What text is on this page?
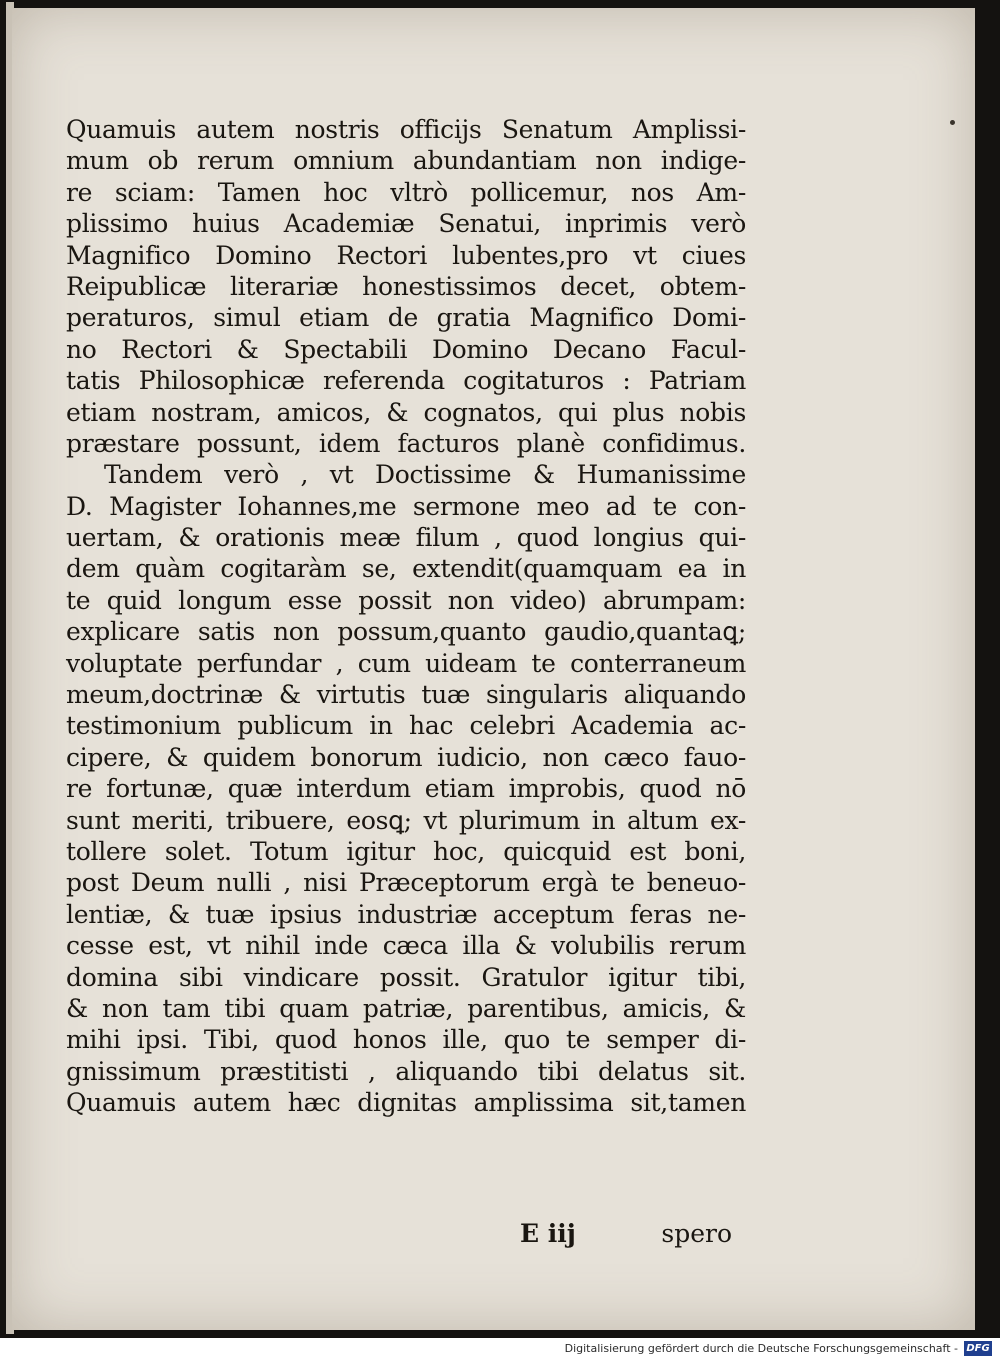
Quamuis autem nostris officijs Senatum Amplissi-
mum ob rerum omnium abundantiam non indige-
re sciam: Tamen hoc vltrò pollicemur, nos Am-
plissimo huius Academiæ Senatui, inprimis verò
Magnifico Domino Rectori lubentes,pro vt ciues
Reipublicæ literariæ honestissimos decet, obtem-
peraturos, simul etiam de gratia Magnifico Domi-
no Rectori & Spectabili Domino Decano Facul-
tatis Philosophicæ referenda cogitaturos : Patriam
etiam nostram, amicos, & cognatos, qui plus nobis
præstare possunt, idem facturos planè confidimus.
Tandem verò , vt Doctissime & Humanissime
D. Magister Iohannes,me sermone meo ad te con-
uertam, & orationis meæ filum , quod longius qui-
dem quàm cogitaràm se, extendit(quamquam ea in
te quid longum esse possit non video) abrumpam:
explicare satis non possum,quanto gaudio,quantaꝗ;
voluptate perfundar , cum uideam te conterraneum
meum,doctrinæ & virtutis tuæ singularis aliquando
testimonium publicum in hac celebri Academia ac-
cipere, & quidem bonorum iudicio, non cæco fauo-
re fortunæ, quæ interdum etiam improbis, quod nō
sunt meriti, tribuere, eosꝗ; vt plurimum in altum ex-
tollere solet. Totum igitur hoc, quicquid est boni,
post Deum nulli , nisi Præceptorum ergà te beneuo-
lentiæ, & tuæ ipsius industriæ acceptum feras ne-
cesse est, vt nihil inde cæca illa & volubilis rerum
domina sibi vindicare possit. Gratulor igitur tibi,
& non tam tibi quam patriæ, parentibus, amicis, &
mihi ipsi. Tibi, quod honos ille, quo te semper di-
gnissimum præstitisti , aliquando tibi delatus sit.
Quamuis autem hæc dignitas amplissima sit,tamen
E iij	spero
Digitalisierung gefördert durch die Deutsche Forschungsgemeinschaft - DFG
